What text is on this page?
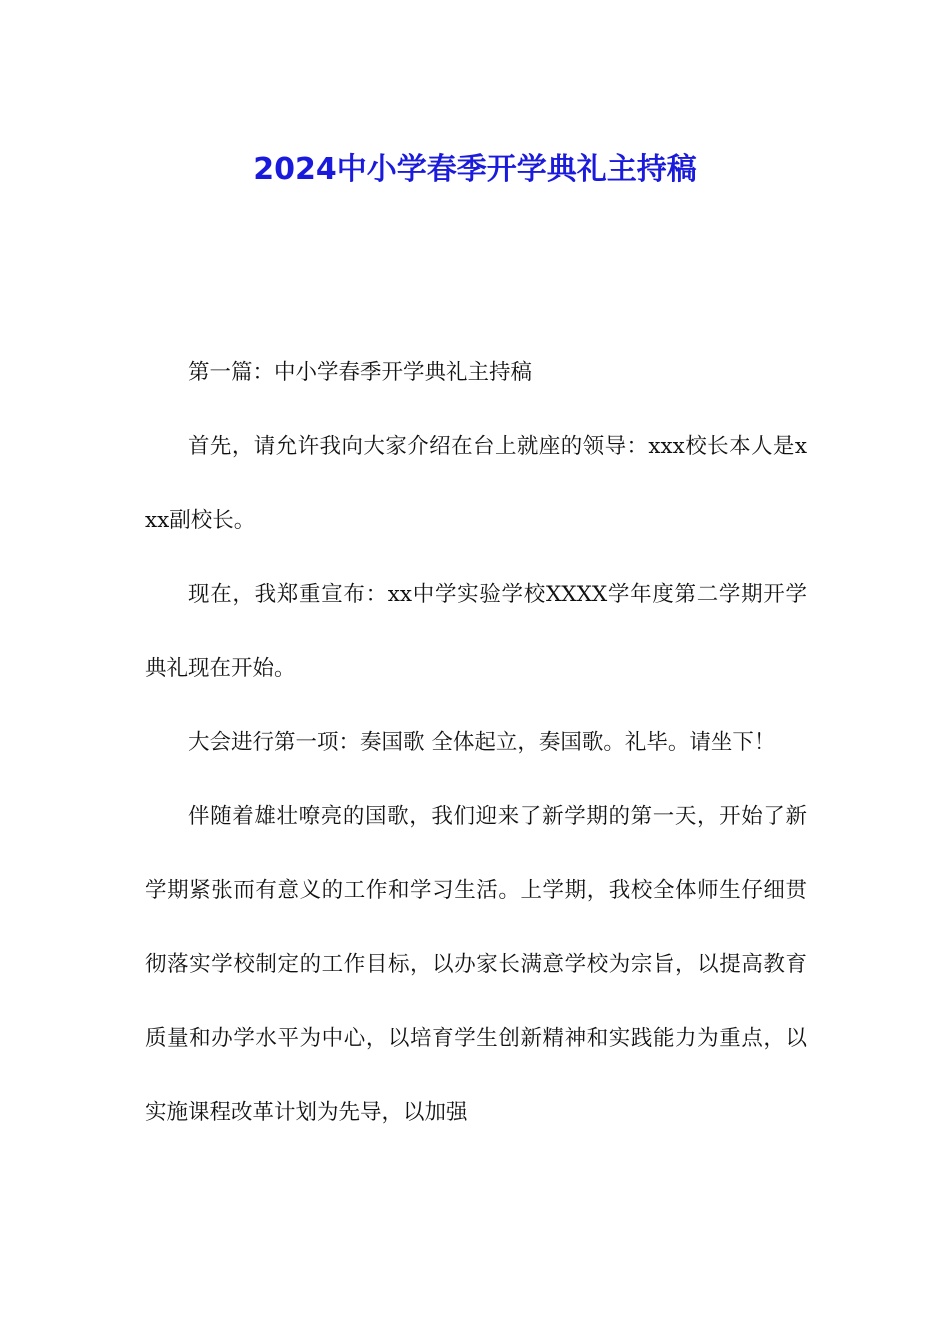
2024中小学春季开学典礼主持稿

第一篇：中小学春季开学典礼主持稿

首先，请允许我向大家介绍在台上就座的领导：xxx校长本人是xxx副校长。

现在，我郑重宣布：xx中学实验学校XXXX学年度第二学期开学典礼现在开始。

大会进行第一项：奏国歌 全体起立，奏国歌。礼毕。请坐下！

伴随着雄壮嘹亮的国歌，我们迎来了新学期的第一天，开始了新学期紧张而有意义的工作和学习生活。上学期，我校全体师生仔细贯彻落实学校制定的工作目标，以办家长满意学校为宗旨，以提高教育质量和办学水平为中心，以培育学生创新精神和实践能力为重点，以实施课程改革计划为先导，以加强
